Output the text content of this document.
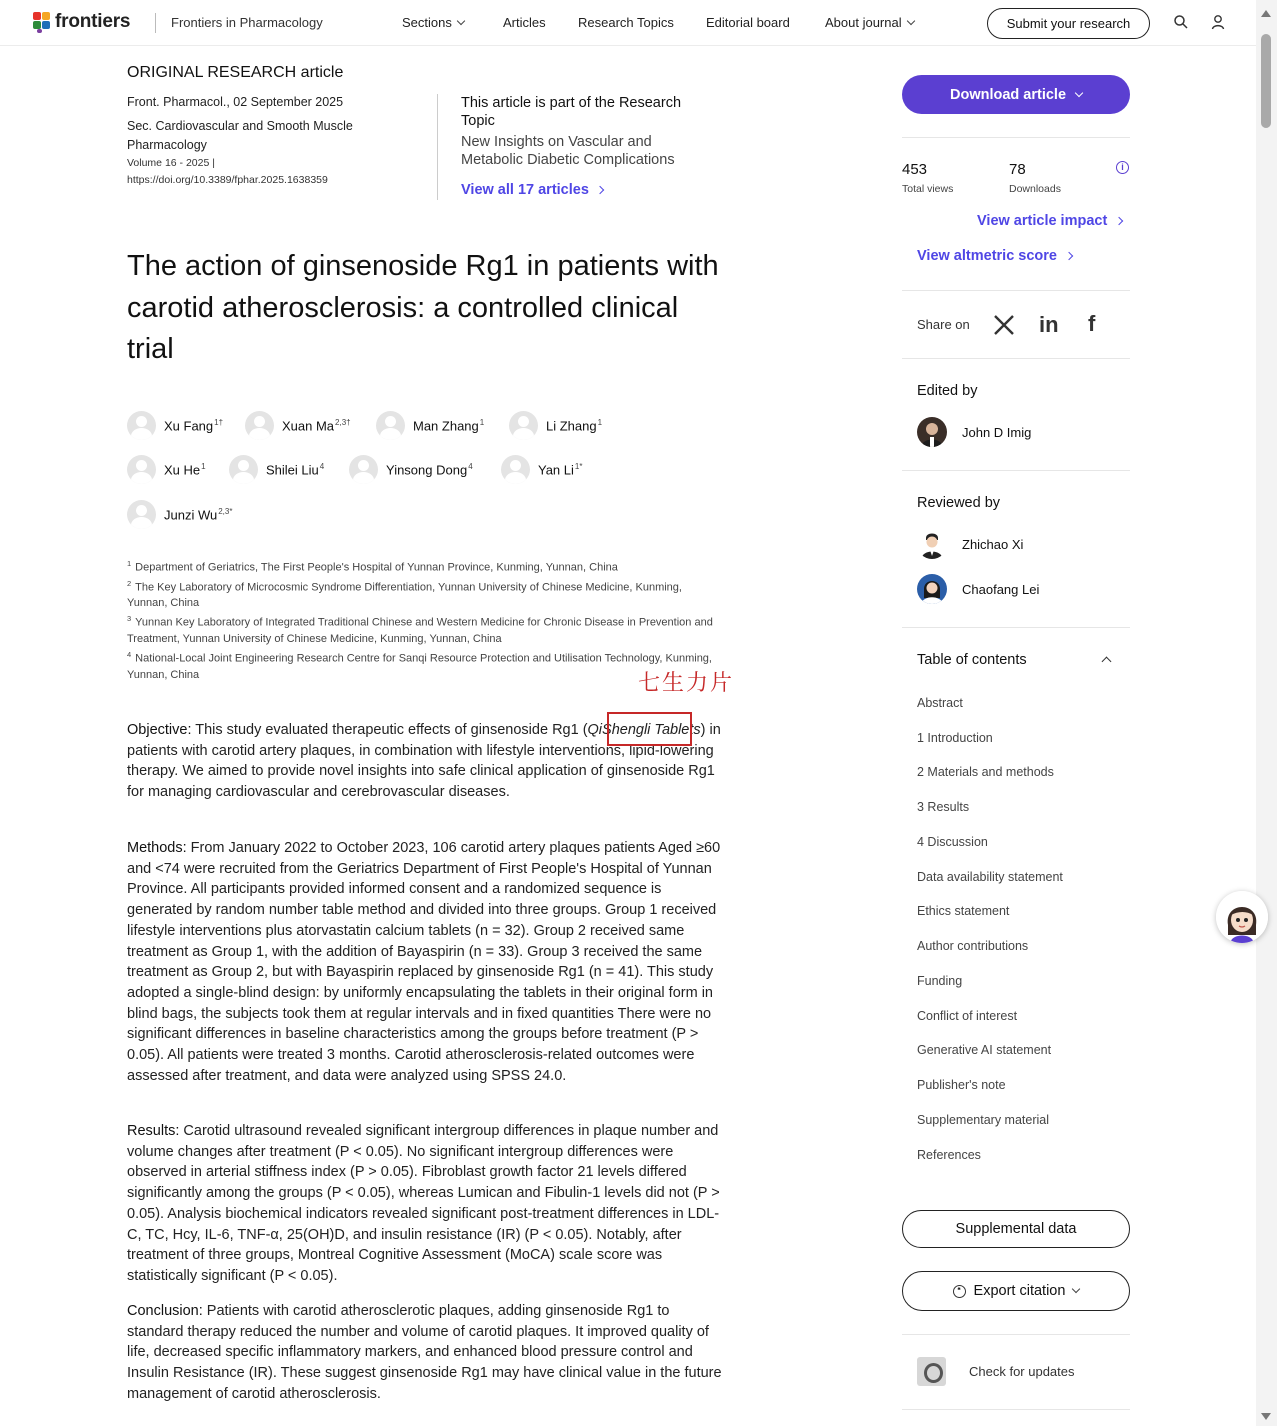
frontiers	Frontiers in Pharmacology	Sections	Articles Research Topics Editorial board	About journal	Submit your research
ORIGINAL RESEARCH article
Front. Pharmacol., 02 September 2025
Sec. Cardiovascular and Smooth Muscle Pharmacology
Volume 16 - 2025 |
https://doi.org/10.3389/fphar.2025.1638359
This article is part of the Research Topic
New Insights on Vascular and Metabolic Diabetic Complications
View all 17 articles
The action of ginsenoside Rg1 in patients with carotid atherosclerosis: a controlled clinical trial
Xu Fang$^{1\dagger}$	Xuan $Ma^{2,3\dagger}$	Man Zhang$^1$	Li Zhang$^1$
Xu He$^1$	Shilei Liu$^4$	Yinsong Dong$^4$	Yan $Li^{1*}$
Junzi $Wu^{2,3*}$
$^1$ Department of Geriatrics, The First People's Hospital of Yunnan Province, Kunming, Yunnan, China
$^2$ The Key Laboratory of Microcosmic Syndrome Differentiation, Yunnan University of Chinese Medicine, Kunming, Yunnan, China
$^3$ Yunnan Key Laboratory of Integrated Traditional Chinese and Western Medicine for Chronic Disease in Prevention and Treatment, Yunnan University of Chinese Medicine, Kunming, Yunnan, China
$^4$ National-Local Joint Engineering Research Centre for Sanqi Resource Protection and Utilisation Technology, Kunming, Yunnan, China	七生力片
Objective: This study evaluated therapeutic effects of ginsenoside Rg1 (QiShengli Tablets) in patients with carotid artery plaques, in combination with lifestyle interventions, lipid-lowering therapy. We aimed to provide novel insights into safe clinical application of ginsenoside Rg1 for managing cardiovascular and cerebrovascular diseases.
Methods: From January 2022 to October 2023, 106 carotid artery plaques patients Aged ≥60 and <74 were recruited from the Geriatrics Department of First People's Hospital of Yunnan Province. All participants provided informed consent and a randomized sequence is generated by random number table method and divided into three groups. Group 1 received lifestyle interventions plus atorvastatin calcium tablets (n = 32). Group 2 received same treatment as Group 1, with the addition of Bayaspirin (n = 33). Group 3 received the same treatment as Group 2, but with Bayaspirin replaced by ginsenoside Rg1 (n = 41). This study adopted a single-blind design: by uniformly encapsulating the tablets in their original form in blind bags, the subjects took them at regular intervals and in fixed quantities There were no significant differences in baseline characteristics among the groups before treatment (P > 0.05). All patients were treated 3 months. Carotid atherosclerosis-related outcomes were assessed after treatment, and data were analyzed using SPSS 24.0.
Results: Carotid ultrasound revealed significant intergroup differences in plaque number and volume changes after treatment (P < 0.05). No significant intergroup differences were observed in arterial stiffness index (P > 0.05). Fibroblast growth factor 21 levels differed significantly among the groups (P < 0.05), whereas Lumican and Fibulin-1 levels did not (P > 0.05). Analysis biochemical indicators revealed significant post-treatment differences in LDL-C, TC, Hcy, IL-6, TNF-α, 25(OH)D, and insulin resistance (IR) (P < 0.05). Notably, after treatment of three groups, Montreal Cognitive Assessment (MoCA) scale score was statistically significant (P < 0.05).
Conclusion: Patients with carotid atherosclerotic plaques, adding ginsenoside Rg1 to standard therapy reduced the number and volume of carotid plaques. It improved quality of life, decreased specific inflammatory markers, and enhanced blood pressure control and Insulin Resistance (IR). These suggest ginsenoside Rg1 may have clinical value in the future management of carotid atherosclerosis.
Download article
453
Total views
78
Downloads
i
View article impact
View altmetric score
Share on	in f
Edited by
John D Imig
Reviewed by
Zhichao Xi
Chaofang Lei
Table of contents
Abstract
1 Introduction
2 Materials and methods
3 Results
4 Discussion
Data availability statement
Ethics statement
Author contributions
Funding
Conflict of interest
Generative AI statement
Publisher's note
Supplementary material
References
Supplemental data
❝ Export citation
Check for updates
